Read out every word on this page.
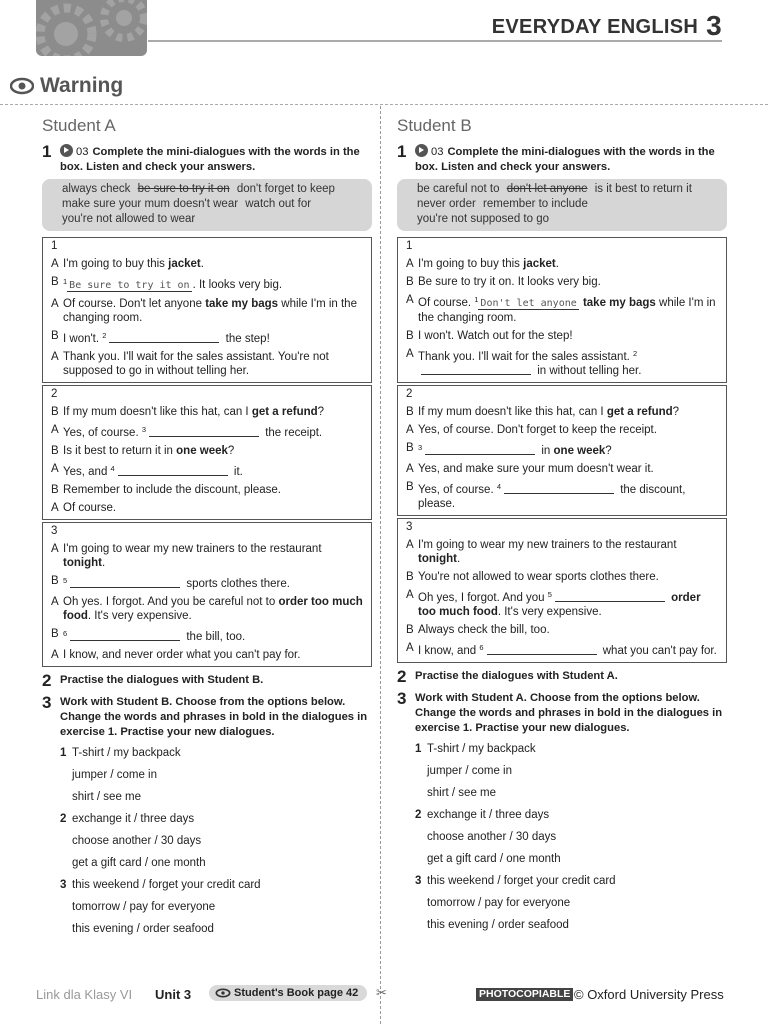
EVERYDAY ENGLISH 3
Warning
Student A
1	03 Complete the mini-dialogues with the words in the box. Listen and check your answers.
always check be sure to try it on don't forget to keep make sure your mum doesn't wear watch out for you're not allowed to wear
1
A I'm going to buy this jacket.
B $^1$ Be sure to try it on . It looks very big.
A Of course. Don't let anyone take my bags while I'm in the changing room.
B I won't. $^2$	the step!
A Thank you. I'll wait for the sales assistant. You're not supposed to go in without telling her.
2
B If my mum doesn't like this hat, can I get a refund?
A Yes, of course. $^3$	the receipt.
B Is it best to return it in one week?
A Yes, and $^4$	it.
B Remember to include the discount, please.
A Of course.
3
A I'm going to wear my new trainers to the restaurant tonight.
B $^5$	sports clothes there.
A Oh yes. I forgot. And you be careful not to order too much food. It's very expensive.
B $^6$	the bill, too.
A I know, and never order what you can't pay for.
2 Practise the dialogues with Student B.
3 Work with Student B. Choose from the options below. Change the words and phrases in bold in the dialogues in exercise 1. Practise your new dialogues.
1 T-shirt / my backpack
jumper / come in
shirt / see me
2 exchange it / three days
choose another / 30 days
get a gift card / one month
3 this weekend / forget your credit card
tomorrow / pay for everyone
this evening / order seafood
Student B
1	03 Complete the mini-dialogues with the words in the box. Listen and check your answers.
be careful not to don't let anyone is it best to return it never order remember to include you're not supposed to go
1
A I'm going to buy this jacket.
B Be sure to try it on. It looks very big.
A Of course. $^1$ Don't let anyone take my bags while I'm in the changing room.
B I won't. Watch out for the step!
A Thank you. I'll wait for the sales assistant. $^2$ in without telling her.
2
B If my mum doesn't like this hat, can I get a refund?
A Yes, of course. Don't forget to keep the receipt.
B $^3$	in one week?
A Yes, and make sure your mum doesn't wear it.
B Yes, of course. $^4$	the discount, please.
3
A I'm going to wear my new trainers to the restaurant tonight.
B You're not allowed to wear sports clothes there.
A Oh yes, I forgot. And you $^5$	order too much food. It's very expensive.
B Always check the bill, too.
A I know, and $^6$	what you can't pay for.
2 Practise the dialogues with Student A.
3 Work with Student A. Choose from the options below. Change the words and phrases in bold in the dialogues in exercise 1. Practise your new dialogues.
1 T-shirt / my backpack
jumper / come in
shirt / see me
2 exchange it / three days
choose another / 30 days
get a gift card / one month
3 this weekend / forget your credit card
tomorrow / pay for everyone
this evening / order seafood
Link dla Klasy VI Unit 3	Student's Book page 42 ✂	PHOTOCOPIABLE © Oxford University Press
